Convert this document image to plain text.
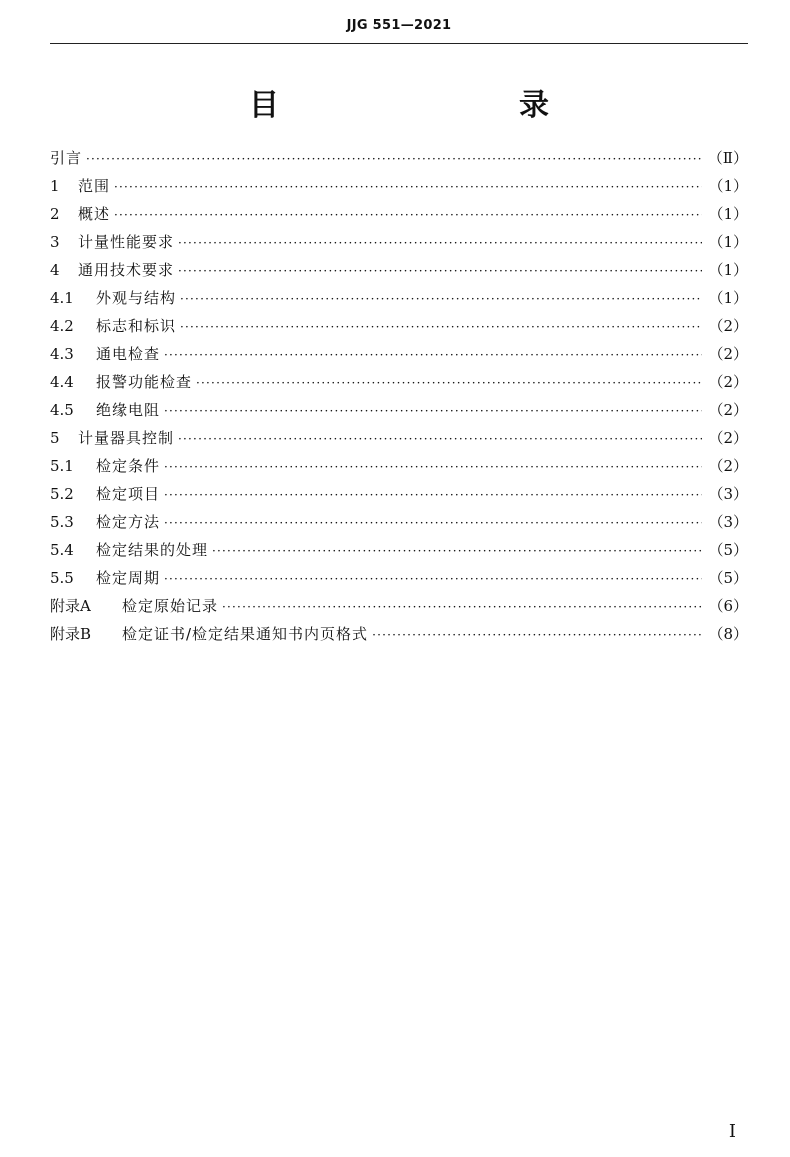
JJG 551—2021
目　　录
引言 ·····	（Ⅱ）
1	范围 ·····	（1）
2	概述 ·····	（1）
3	计量性能要求 ·····	（1）
4	通用技术要求 ·····	（1）
4.1	外观与结构 ·····	（1）
4.2	标志和标识 ·····	（2）
4.3	通电检查 ·····	（2）
4.4	报警功能检查 ·····	（2）
4.5	绝缘电阻 ·····	（2）
5	计量器具控制 ·····	（2）
5.1	检定条件 ·····	（2）
5.2	检定项目 ·····	（3）
5.3	检定方法 ·····	（3）
5.4	检定结果的处理 ·····	（5）
5.5	检定周期 ·····	（5）
附录A	检定原始记录 ·····	（6）
附录B	检定证书/检定结果通知书内页格式 ·····	（8）
I
